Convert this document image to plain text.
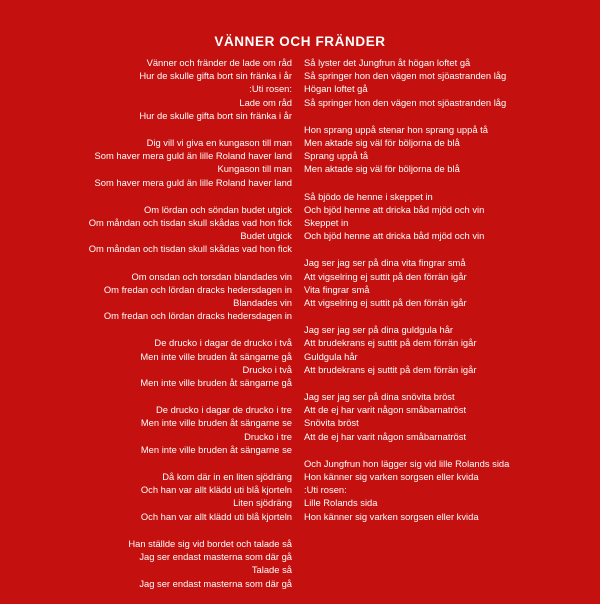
VÄNNER OCH FRÄNDER
Vänner och fränder de lade om råd
Hur de skulle gifta bort sin fränka i år
:Uti rosen:
Lade om råd
Hur de skulle gifta bort sin fränka i år
Dig vill vi giva en kungason till man
Som haver mera guld än lille Roland haver land
Kungason till man
Som haver mera guld än lille Roland haver land
Om lördan och söndan budet utgick
Om måndan och tisdan skull skådas vad hon fick
Budet utgick
Om måndan och tisdan skull skådas vad hon fick
Om onsdan och torsdan blandades vin
Om fredan och lördan dracks hedersdagen in
Blandades vin
Om fredan och lördan dracks hedersdagen in
De drucko i dagar de drucko i två
Men inte ville bruden åt sängarne gå
Drucko i två
Men inte ville bruden åt sängarne gå
De drucko i dagar de drucko i tre
Men inte ville bruden åt sängarne se
Drucko i tre
Men inte ville bruden åt sängarne se
Då kom där in en liten sjödräng
Och han var allt klädd uti blå kjorteln
Liten sjödräng
Och han var allt klädd uti blå kjorteln
Han ställde sig vid bordet och talade så
Jag ser endast masterna som där gå
Talade så
Jag ser endast masterna som där gå
Så lyster det Jungfrun åt högan loftet gå
Så springer hon den vägen mot sjöastranden låg
Högan loftet gå
Så springer hon den vägen mot sjöastranden låg
Hon sprang uppå stenar hon sprang uppå tå
Men aktade sig väl för böljorna de blå
Sprang uppå tå
Men aktade sig väl för böljorna de blå
Så bjödo de henne i skeppet in
Och bjöd henne att dricka båd mjöd och vin
Skeppet in
Och bjöd henne att dricka båd mjöd och vin
Jag ser jag ser på dina vita fingrar små
Att vigselring ej suttit på den förrän igår
Vita fingrar små
Att vigselring ej suttit på den förrän igår
Jag ser jag ser på dina guldgula hår
Att brudekrans ej suttit på dem förrän igår
Guldgula hår
Att brudekrans ej suttit på dem förrän igår
Jag ser jag ser på dina snövita bröst
Att de ej har varit någon småbarnatröst
Snövita bröst
Att de ej har varit någon småbarnatröst
Och Jungfrun hon lägger sig vid lille Rolands sida
Hon känner sig varken sorgsen eller kvida
:Uti rosen:
Lille Rolands sida
Hon känner sig varken sorgsen eller kvida
